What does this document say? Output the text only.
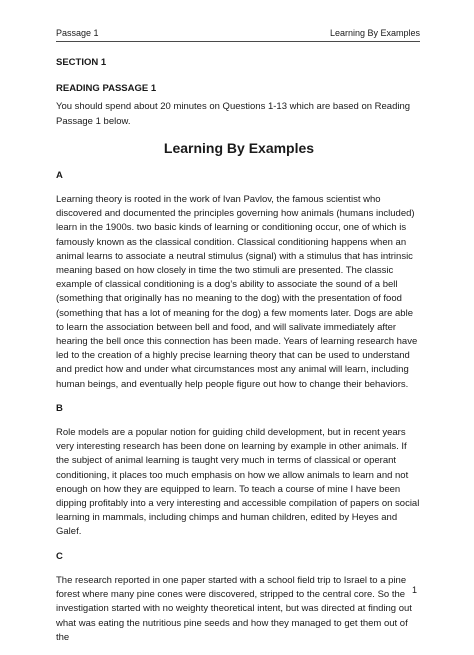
Passage 1	Learning By Examples
SECTION 1
READING PASSAGE 1
You should spend about 20 minutes on Questions 1-13 which are based on Reading Passage 1 below.
Learning By Examples
A
Learning theory is rooted in the work of Ivan Pavlov, the famous scientist who discovered and documented the principles governing how animals (humans included) learn in the 1900s. two basic kinds of learning or conditioning occur, one of which is famously known as the classical condition. Classical conditioning happens when an animal learns to associate a neutral stimulus (signal) with a stimulus that has intrinsic meaning based on how closely in time the two stimuli are presented. The classic example of classical conditioning is a dog’s ability to associate the sound of a bell (something that originally has no meaning to the dog) with the presentation of food (something that has a lot of meaning for the dog) a few moments later. Dogs are able to learn the association between bell and food, and will salivate immediately after hearing the bell once this connection has been made. Years of learning research have led to the creation of a highly precise learning theory that can be used to understand and predict how and under what circumstances most any animal will learn, including human beings, and eventually help people figure out how to change their behaviors.
B
Role models are a popular notion for guiding child development, but in recent years very interesting research has been done on learning by example in other animals. If the subject of animal learning is taught very much in terms of classical or operant conditioning, it places too much emphasis on how we allow animals to learn and not enough on how they are equipped to learn. To teach a course of mine I have been dipping profitably into a very interesting and accessible compilation of papers on social learning in mammals, including chimps and human children, edited by Heyes and Galef.
C
The research reported in one paper started with a school field trip to Israel to a pine forest where many pine cones were discovered, stripped to the central core. So the investigation started with no weighty theoretical intent, but was directed at finding out what was eating the nutritious pine seeds and how they managed to get them out of the
1
